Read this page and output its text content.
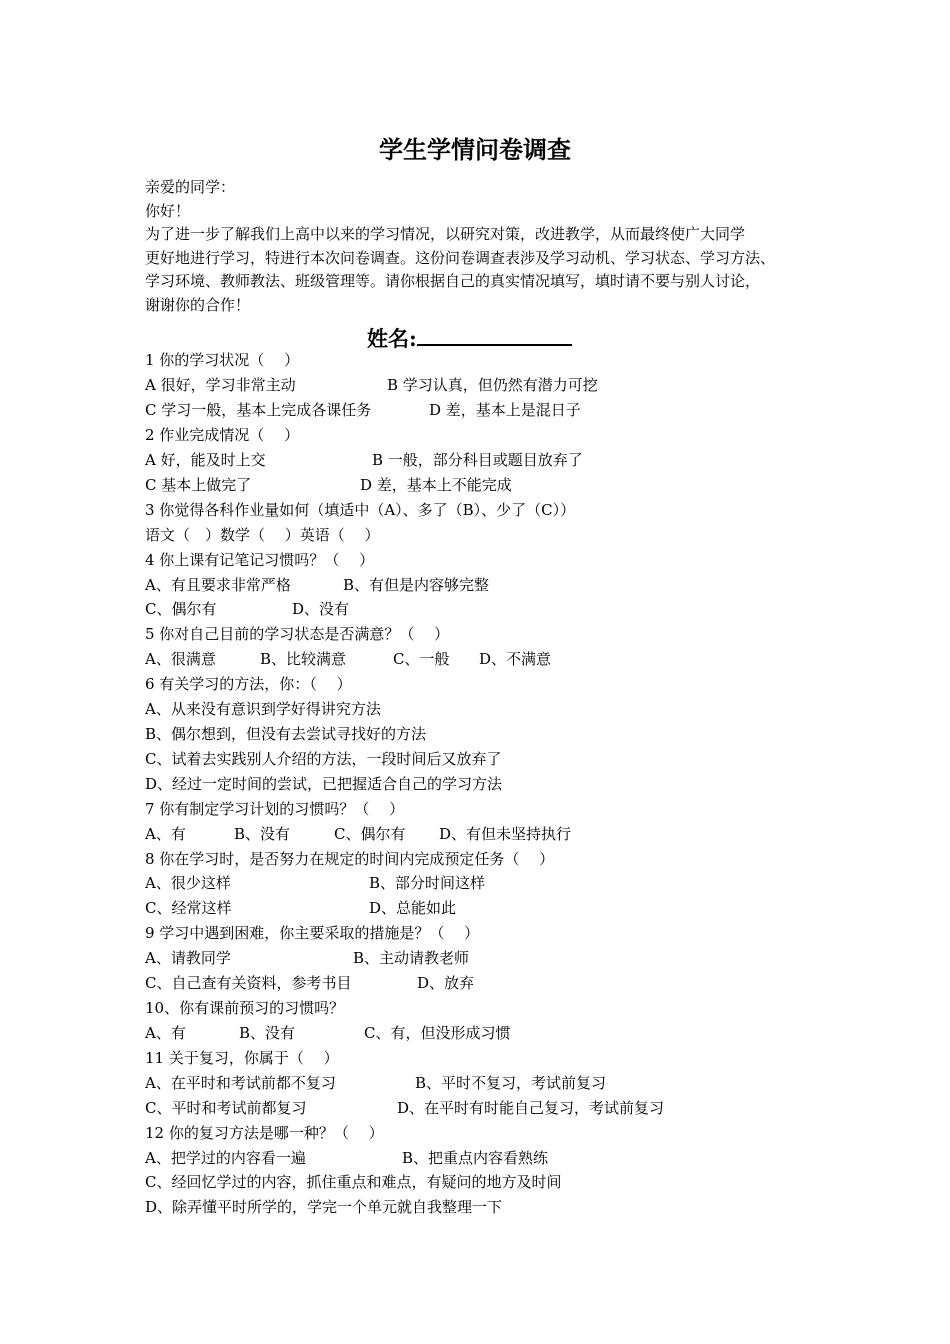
学生学情问卷调查
亲爱的同学：
你好！
为了进一步了解我们上高中以来的学习情况，以研究对策，改进教学，从而最终使广大同学
更好地进行学习，特进行本次问卷调查。这份问卷调查表涉及学习动机、学习状态、学习方法、
学习环境、教师教法、班级管理等。请你根据自己的真实情况填写，填时请不要与别人讨论，
谢谢你的合作！
姓名:
1 你的学习状况（　 ）
A 很好，学习非常主动	B 学习认真，但仍然有潜力可挖
C 学习一般，基本上完成各课任务	D 差，基本上是混日子
2 作业完成情况（　 ）
A 好，能及时上交	B 一般，部分科目或题目放弃了
C 基本上做完了	D 差，基本上不能完成
3 你觉得各科作业量如何（填适中（A）、多了（B）、少了（C））
语文（　）数学（　 ）英语（　 ）
4 你上课有记笔记习惯吗？（　 ）
A、有且要求非常严格	B、有但是内容够完整
C、偶尔有	D、没有
5 你对自己目前的学习状态是否满意？（　 ）
A、很满意	B、比较满意	C、一般 D、不满意
6 有关学习的方法，你：（　 ）
A、从来没有意识到学好得讲究方法
B、偶尔想到，但没有去尝试寻找好的方法
C、试着去实践别人介绍的方法，一段时间后又放弃了
D、经过一定时间的尝试，已把握适合自己的学习方法
7 你有制定学习计划的习惯吗？（　 ）
A、有	B、没有	C、偶尔有 D、有但未坚持执行
8 你在学习时，是否努力在规定的时间内完成预定任务（　 ）
A、很少这样	B、部分时间这样
C、经常这样	D、总能如此
9 学习中遇到困难，你主要采取的措施是？（　 ）
A、请教同学	B、主动请教老师
C、自己查有关资料，参考书目	D、放弃
10、你有课前预习的习惯吗？
A、有	B、没有	C、有，但没形成习惯
11 关于复习，你属于（　 ）
A、在平时和考试前都不复习	B、平时不复习，考试前复习
C、平时和考试前都复习	D、在平时有时能自己复习，考试前复习
12 你的复习方法是哪一种？（　 ）
A、把学过的内容看一遍	B、把重点内容看熟练
C、经回忆学过的内容，抓住重点和难点，有疑问的地方及时间
D、除弄懂平时所学的，学完一个单元就自我整理一下
